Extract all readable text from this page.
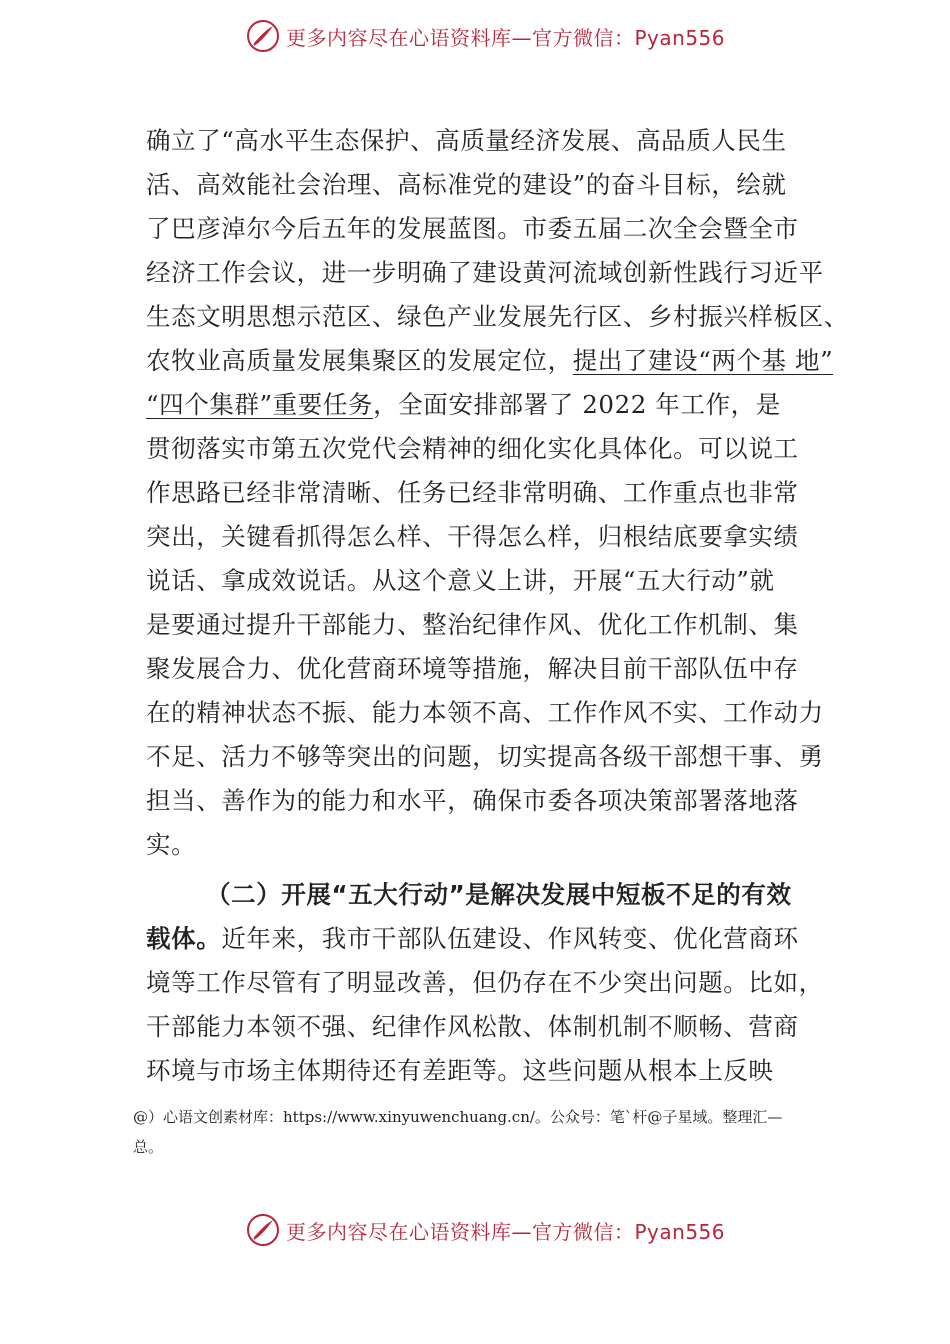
更多内容尽在心语资料库—官方微信：Pyan556
确立了“高水平生态保护、高质量经济发展、高品质人民生
活、高效能社会治理、高标准党的建设”的奋斗目标，绘就
了巴彦淖尔今后五年的发展蓝图。市委五届二次全会暨全市
经济工作会议，进一步明确了建设黄河流域创新性践行习近平
生态文明思想示范区、绿色产业发展先行区、乡村振兴样板区、
农牧业高质量发展集聚区的发展定位，提出了建设“两个基 地”
“四个集群”重要任务，全面安排部署了 2022 年工作，是
贯彻落实市第五次党代会精神的细化实化具体化。可以说工
作思路已经非常清晰、任务已经非常明确、工作重点也非常
突出，关键看抓得怎么样、干得怎么样，归根结底要拿实绩
说话、拿成效说话。从这个意义上讲，开展“五大行动”就
是要通过提升干部能力、整治纪律作风、优化工作机制、集
聚发展合力、优化营商环境等措施，解决目前干部队伍中存
在的精神状态不振、能力本领不高、工作作风不实、工作动力
不足、活力不够等突出的问题，切实提高各级干部想干事、勇
担当、善作为的能力和水平，确保市委各项决策部署落地落
实。
（二）开展“五大行动”是解决发展中短板不足的有效
载体。近年来，我市干部队伍建设、作风转变、优化营商环
境等工作尽管有了明显改善，但仍存在不少突出问题。比如，
干部能力本领不强、纪律作风松散、体制机制不顺畅、营商
环境与市场主体期待还有差距等。这些问题从根本上反映
@）心语文创素材库：https://www.xinyuwenchuang.cn/。公众号：笔`杆@子星域。整理汇—
总。
更多内容尽在心语资料库—官方微信：Pyan556
